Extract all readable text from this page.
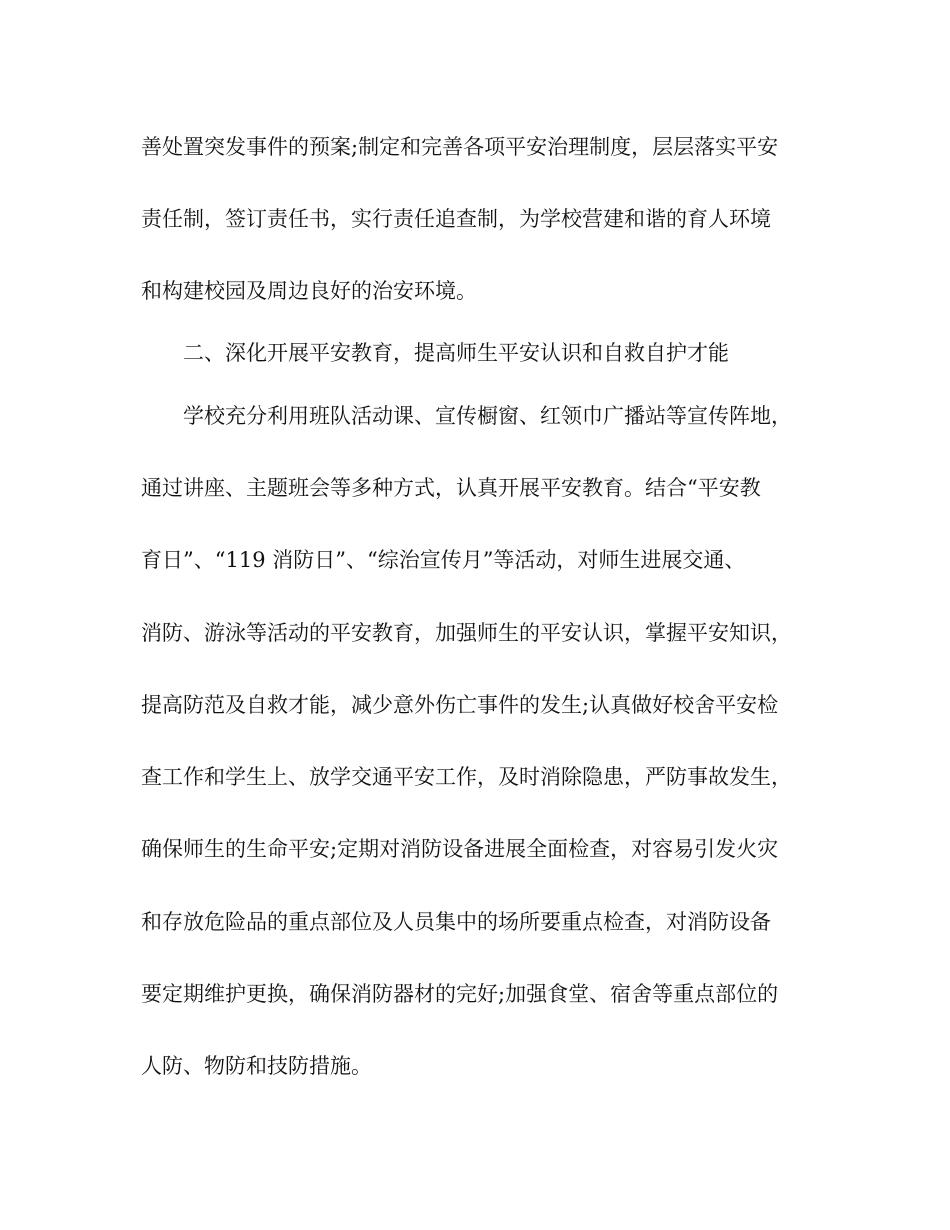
善处置突发事件的预案;制定和完善各项平安治理制度，层层落实平安
责任制，签订责任书，实行责任追查制，为学校营建和谐的育人环境
和构建校园及周边良好的治安环境。
二、深化开展平安教育，提高师生平安认识和自救自护才能
学校充分利用班队活动课、宣传橱窗、红领巾广播站等宣传阵地，
通过讲座、主题班会等多种方式，认真开展平安教育。结合“平安教
育日”、“119 消防日”、“综治宣传月”等活动，对师生进展交通、
消防、游泳等活动的平安教育，加强师生的平安认识，掌握平安知识，
提高防范及自救才能，减少意外伤亡事件的发生;认真做好校舍平安检
查工作和学生上、放学交通平安工作，及时消除隐患，严防事故发生，
确保师生的生命平安;定期对消防设备进展全面检查，对容易引发火灾
和存放危险品的重点部位及人员集中的场所要重点检查，对消防设备
要定期维护更换，确保消防器材的完好;加强食堂、宿舍等重点部位的
人防、物防和技防措施。
